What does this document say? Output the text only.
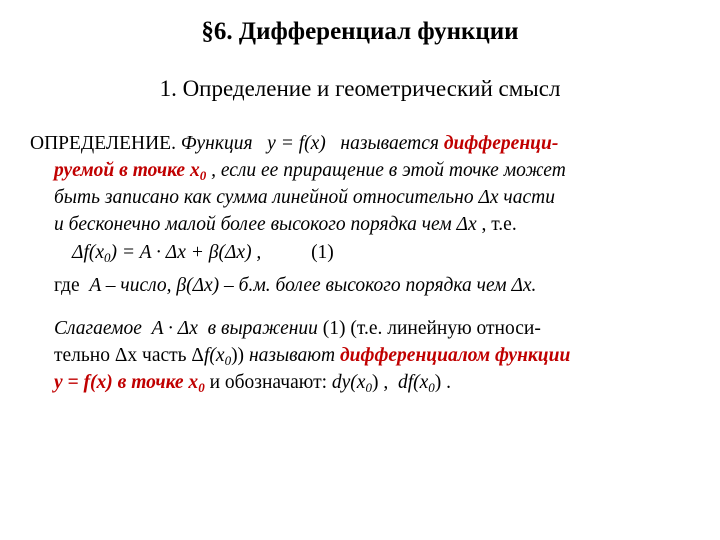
§6. Дифференциал функции
1. Определение и геометрический смысл
ОПРЕДЕЛЕНИЕ. Функция y = f(x) называется дифференци-
руемой в точке $x_0$ , если ее приращение в этой точке может
быть записано как сумма линейной относительно Δx части
и бесконечно малой более высокого порядка чем Δx , т.е.
$\Delta f(x_0) = A \cdot \Delta x + \beta(\Delta x)$ ,	(1)
где A – число, β(Δx) – б.м. более высокого порядка чем Δx.
Слагаемое A · Δx в выражении (1) (т.е. линейную относи-
тельно Δx часть $\Delta f(x_0)$) называют дифференциалом функции
y = f(x) в точке $x_0$ и обозначают: $dy(x_0)$ , $df(x_0)$ .
